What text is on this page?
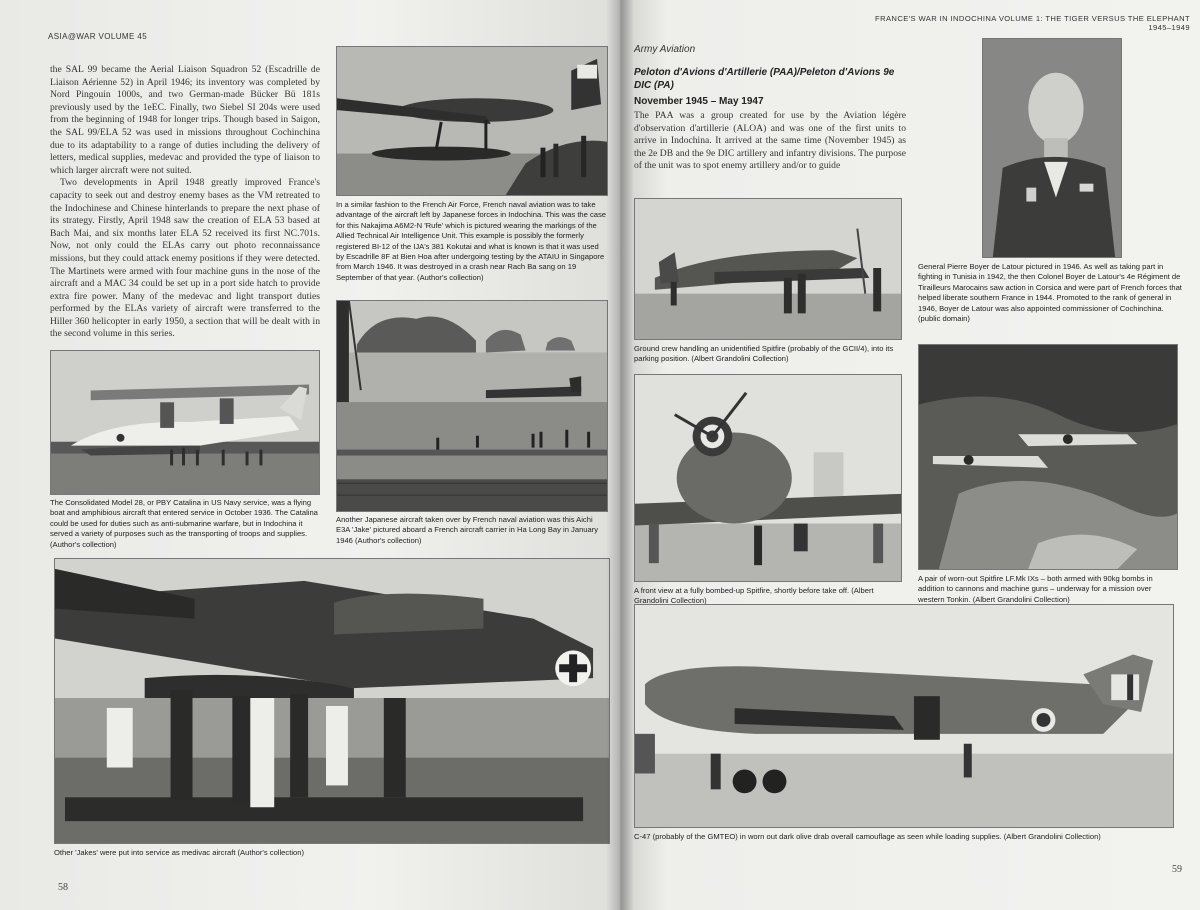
ASIA@WAR VOLUME 45

the SAL 99 became the Aerial Liaison Squadron 52 (Escadrille de Liaison Aérienne 52) in April 1946; its inventory was completed by Nord Pingouin 1000s, and two German-made Bücker Bü 181s previously used by the 1eEC. Finally, two Siebel SI 204s were used from the beginning of 1948 for longer trips. Though based in Saigon, the SAL 99/ELA 52 was used in missions throughout Cochinchina due to its adaptability to a range of duties including the delivery of letters, medical supplies, medevac and provided the type of liaison to which larger aircraft were not suited.

Two developments in April 1948 greatly improved France's capacity to seek out and destroy enemy bases as the VM retreated to the Indochinese and Chinese hinterlands to prepare the next phase of its strategy. Firstly, April 1948 saw the creation of ELA 53 based at Bach Mai, and six months later ELA 52 received its first NC.701s. Now, not only could the ELAs carry out photo reconnaissance missions, but they could attack enemy positions if they were detected. The Martinets were armed with four machine guns in the nose of the aircraft and a MAC 34 could be set up in a port side hatch to provide extra fire power. Many of the medevac and light transport duties performed by the ELAs variety of aircraft were transferred to the Hiller 360 helicopter in early 1950, a section that will be dealt with in the second volume in this series.

In a similar fashion to the French Air Force, French naval aviation was to take advantage of the aircraft left by Japanese forces in Indochina. This was the case for this Nakajima A6M2-N 'Rufe' which is pictured wearing the markings of the Allied Technical Air Intelligence Unit. This example is possibly the formerly registered BI-12 of the IJA's 381 Kokutai and what is known is that it was used by Escadrille 8F at Bien Hoa after undergoing testing by the ATAIU in Singapore from March 1946. It was destroyed in a crash near Rach Ba sang on 19 September of that year. (Author's collection)
The Consolidated Model 28, or PBY Catalina in US Navy service, was a flying boat and amphibious aircraft that entered service in October 1936. The Catalina could be used for duties such as anti-submarine warfare, but in Indochina it served a variety of purposes such as the transporting of troops and supplies. (Author's collection)
Another Japanese aircraft taken over by French naval aviation was this Aichi E3A 'Jake' pictured aboard a French aircraft carrier in Ha Long Bay in January 1946 (Author's collection)
Other 'Jakes' were put into service as medivac aircraft (Author's collection)
58
FRANCE'S WAR IN INDOCHINA VOLUME 1: THE TIGER VERSUS THE ELEPHANT 1945–1949
Army Aviation
Peloton d'Avions d'Artillerie (PAA)/Peleton d'Avions 9e DIC (PA)
November 1945 – May 1947

The PAA was a group created for use by the Aviation légère d'observation d'artillerie (ALOA) and was one of the first units to arrive in Indochina. It arrived at the same time (November 1945) as the 2e DB and the 9e DIC artillery and infantry divisions. The purpose of the unit was to spot enemy artillery and/or to guide

General Pierre Boyer de Latour pictured in 1946. As well as taking part in fighting in Tunisia in 1942, the then Colonel Boyer de Latour's 4e Régiment de Tirailleurs Marocains saw action in Corsica and were part of French forces that helped liberate southern France in 1944. Promoted to the rank of general in 1946, Boyer de Latour was also appointed commissioner of Cochinchina. (public domain)
Ground crew handling an unidentified Spitfire (probably of the GCII/4), into its parking position. (Albert Grandolini Collection)
A front view at a fully bombed-up Spitfire, shortly before take off. (Albert Grandolini Collection)
A pair of worn-out Spitfire LF.Mk IXs – both armed with 90kg bombs in addition to cannons and machine guns – underway for a mission over western Tonkin. (Albert Grandolini Collection)
C-47 (probably of the GMTEO) in worn out dark olive drab overall camouflage as seen while loading supplies. (Albert Grandolini Collection)
59
